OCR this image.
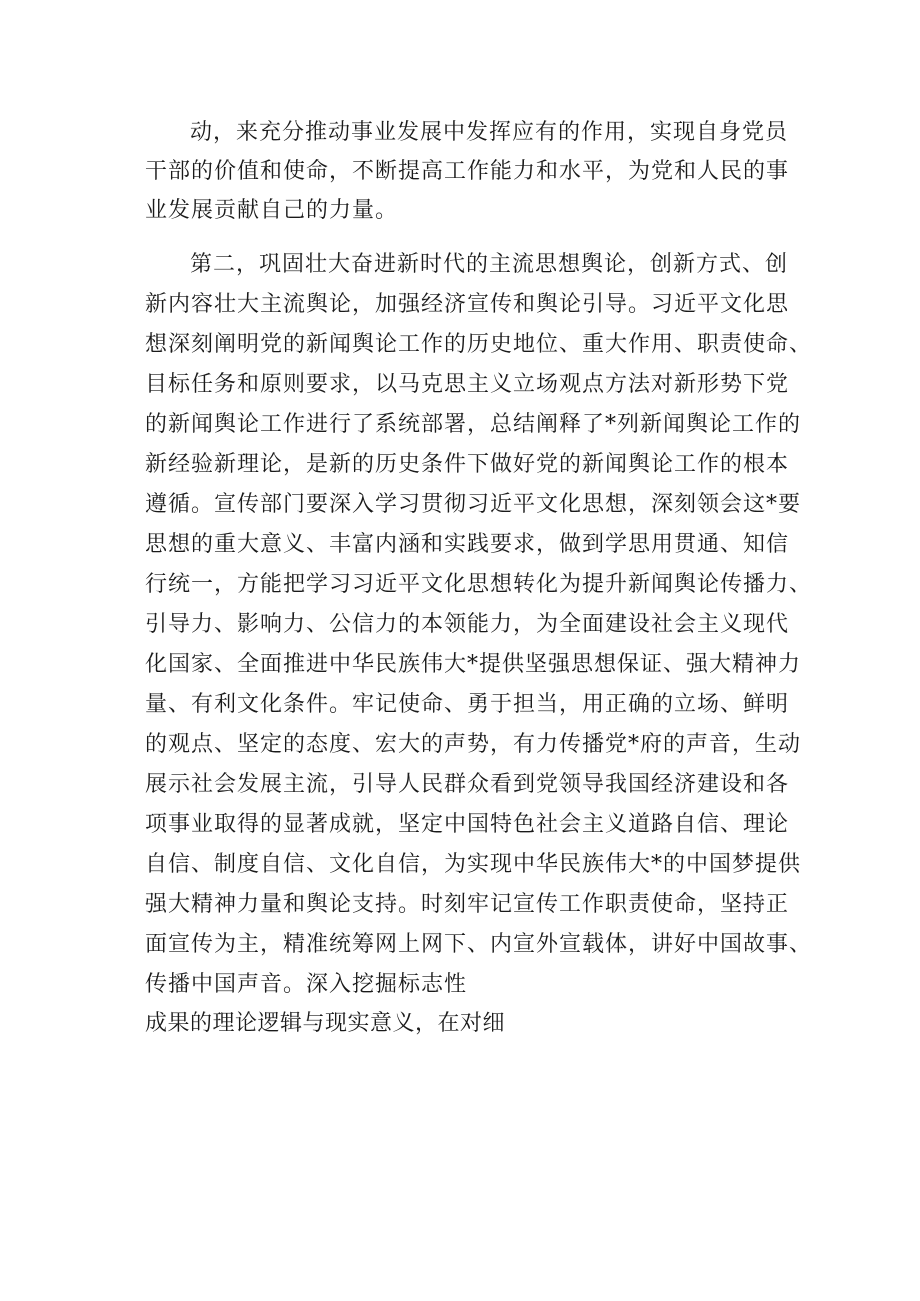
动，来充分推动事业发展中发挥应有的作用，实现自身党员
干部的价值和使命，不断提高工作能力和水平，为党和人民的事
业发展贡献自己的力量。
第二，巩固壮大奋进新时代的主流思想舆论，创新方式、创
新内容壮大主流舆论，加强经济宣传和舆论引导。习近平文化思
想深刻阐明党的新闻舆论工作的历史地位、重大作用、职责使命、
目标任务和原则要求，以马克思主义立场观点方法对新形势下党
的新闻舆论工作进行了系统部署，总结阐释了*列新闻舆论工作的
新经验新理论，是新的历史条件下做好党的新闻舆论工作的根本
遵循。宣传部门要深入学习贯彻习近平文化思想，深刻领会这*要
思想的重大意义、丰富内涵和实践要求，做到学思用贯通、知信
行统一，方能把学习习近平文化思想转化为提升新闻舆论传播力、
引导力、影响力、公信力的本领能力，为全面建设社会主义现代
化国家、全面推进中华民族伟大*提供坚强思想保证、强大精神力
量、有利文化条件。牢记使命、勇于担当，用正确的立场、鲜明
的观点、坚定的态度、宏大的声势，有力传播党*府的声音，生动
展示社会发展主流，引导人民群众看到党领导我国经济建设和各
项事业取得的显著成就，坚定中国特色社会主义道路自信、理论
自信、制度自信、文化自信，为实现中华民族伟大*的中国梦提供
强大精神力量和舆论支持。时刻牢记宣传工作职责使命，坚持正
面宣传为主，精准统筹网上网下、内宣外宣载体，讲好中国故事、
传播中国声音。深入挖掘标志性
成果的理论逻辑与现实意义，在对细
